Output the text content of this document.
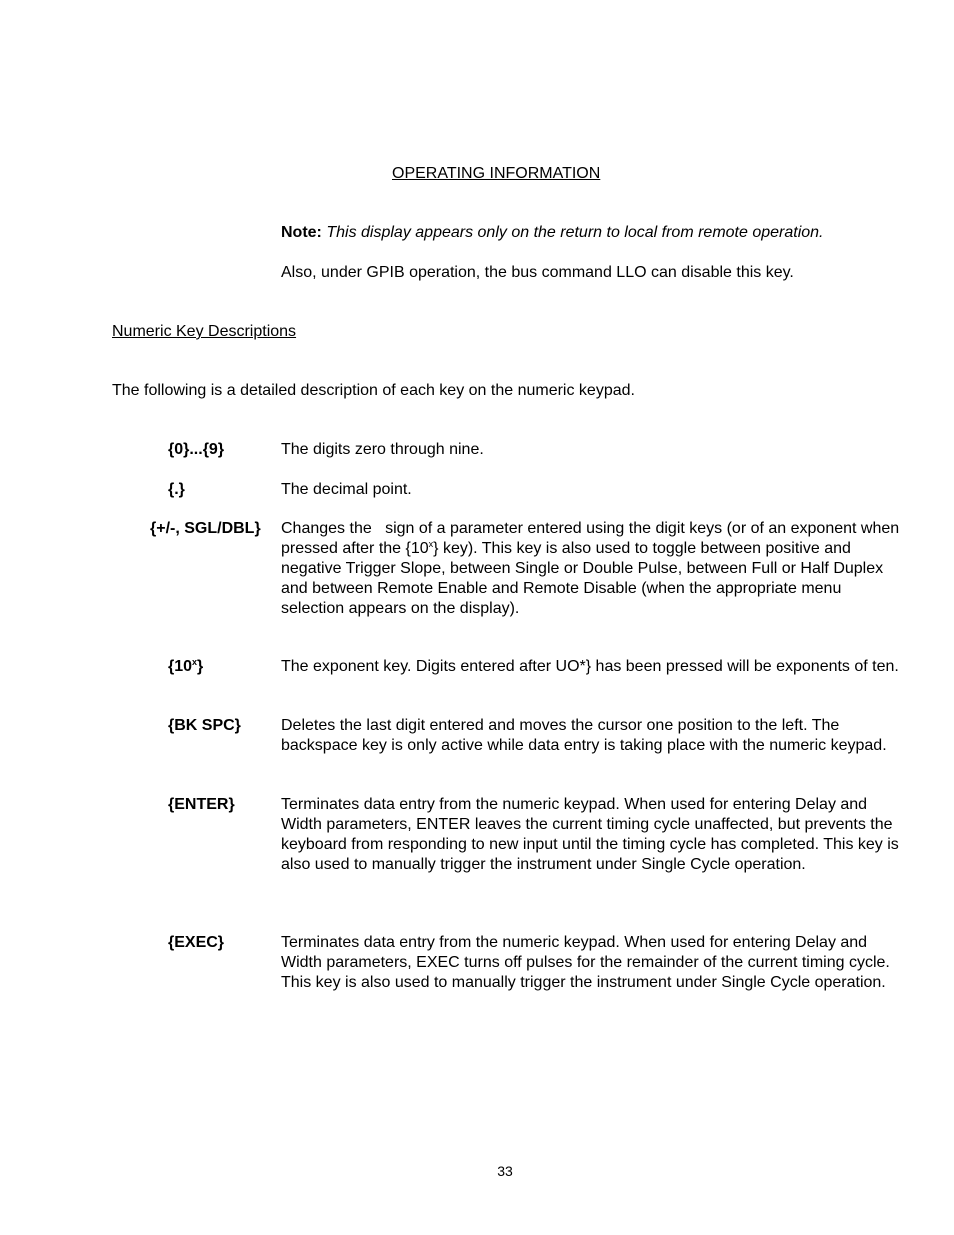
OPERATING INFORMATION
Note: This display appears only on the return to local from remote operation.
Also, under GPIB operation, the bus command LLO can disable this key.
Numeric Key Descriptions
The following is a detailed description of each key on the numeric keypad.
{0}...{9}	The digits zero through nine.
{.}	The decimal point.
{+/-, SGL/DBL} Changes the   sign of a parameter entered using the digit keys (or of an exponent when pressed after the {10$^x$} key). This key is also used to toggle between positive and negative Trigger Slope, between Single or Double Pulse, between Full or Half Duplex and between Remote Enable and Remote Disable (when the appropriate menu selection appears on the display).
{10$^x$}	The exponent key. Digits entered after UO*} has been pressed will be exponents of ten.
{BK SPC}	Deletes the last digit entered and moves the cursor one position to the left. The backspace key is only active while data entry is taking place with the numeric keypad.
{ENTER}	Terminates data entry from the numeric keypad. When used for entering Delay and Width parameters, ENTER leaves the current timing cycle unaffected, but prevents the keyboard from responding to new input until the timing cycle has completed. This key is also used to manually trigger the instrument under Single Cycle operation.
{EXEC}	Terminates data entry from the numeric keypad. When used for entering Delay and Width parameters, EXEC turns off pulses for the remainder of the current timing cycle. This key is also used to manually trigger the instrument under Single Cycle operation.
33
